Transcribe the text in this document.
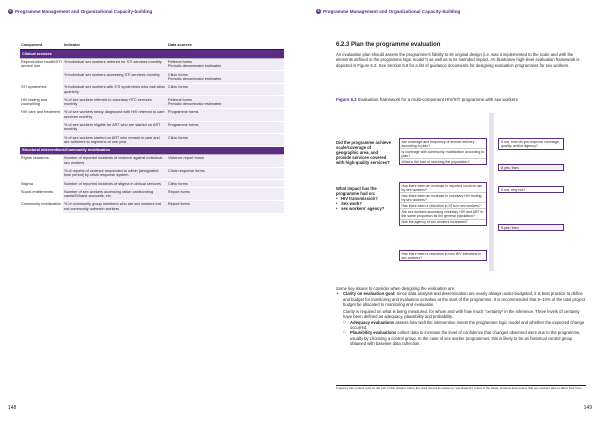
6 Programme Management and Organizational Capacity-building
Component	Indicator	Data sources
Clinical services		
Reproductive health/STI service use	% individual sex workers referred for STI services monthly	Referral forms
Periodic denominator estimates
	% individual sex workers accessing STI services monthly	Clinic forms
Periodic denominator estimates
STI syndromes	% individual sex workers with STI syndromes who visit clinic quarterly	Clinic forms
HIV testing and counselling	% of sex workers referred to voluntary HTC services monthly	Referral forms
Periodic denominator estimates
HIV care and treatment	% of sex workers newly diagnosed with HIV referred to care services monthly	Programme forms
	% of sex workers eligible for ART who are started on ART monthly	Programme forms
	% of sex workers started on ART who remain in care and are adherent to regimens at one year	Clinic forms
Structural interventions/Community mobilization		
Rights violations	Number of reported incidents of violence against individual sex workers	Violence report forms
	% of reports of violence responded to within [designated time period] by crisis response system	Crisis response forms
Stigma	Number of reported incidents of stigma in clinical services	Clinic forms
Social entitlements	Number of sex workers accessing ration cards/voting cards/ID/bank accounts, etc.	Report forms
Community mobilization	% of community group members who are sex workers but not community outreach workers	Report forms
148
6 Programme Management and Organizational Capacity-building
6.2.3 Plan the programme evaluation
An evaluation plan should assess the programme's fidelity to its original design (i.e. was it implemented to the scale and with the elements defined in the programme logic model?) as well as to its intended impact. An illustrative high-level evaluation framework is depicted in Figure 6.2. See Section 6.8 for a list of guidance documents for designing evaluation programmes for sex workers.
Figure 6.2 Evaluation framework for a multi-component HIV/STI programme with sex workers
Did the programme achieve scale/coverage of geographic area, and provide services covered with high-quality services?
Are coverage and frequency of service delivery according to plan?
Is coverage with community mobilization according to plan?
What is the size of reaching the population?
If not, how do you improve coverage, quality, and/or agency?
If yes, then
What impact has the programme had on:
• HIV transmission?
• Sex work?
• sex workers' agency?
Has there been an increase in reported condom use by sex workers?
Has there been an increase in voluntary HIV testing by sex workers?
Has there been a reduction in STIs in sex workers?
Are sex workers accessing voluntary HIV and ART in the same proportion as the general population?
Has the agency of sex workers increased?
If not, why not?
If yes, then
Has there been a reduction in new HIV infections in sex workers?
Some key issues to consider when designing the evaluation are:
• Clarity on evaluation goal: Since data analysis and dissemination are nearly always under-budgeted, it is best practice to define and budget for monitoring and evaluation activities at the start of the programme. It is recommended that 5–10% of the total project budget be allocated to monitoring and evaluation.
Clarity is required on what is being measured, for whom and with how much “certainty” in the inference. Three levels of certainty have been defined as adequacy, plausibility and probability.
□ Adequacy evaluations assess how well the intervention meets the programme logic model and whether the expected change occurred.
□ Plausibility evaluations collect data to increase the level of confidence that changes observed were due to the programme, usually by choosing a control group. In the case of sex worker programmes, this is likely to be an historical control group obtained with baseline data collection.
6 Agency this context (just for the part of this chapter where the word doc'ed as relates to "populations") refers to the ideas, contexts and powers that sex workers take to affect their lives.
149
